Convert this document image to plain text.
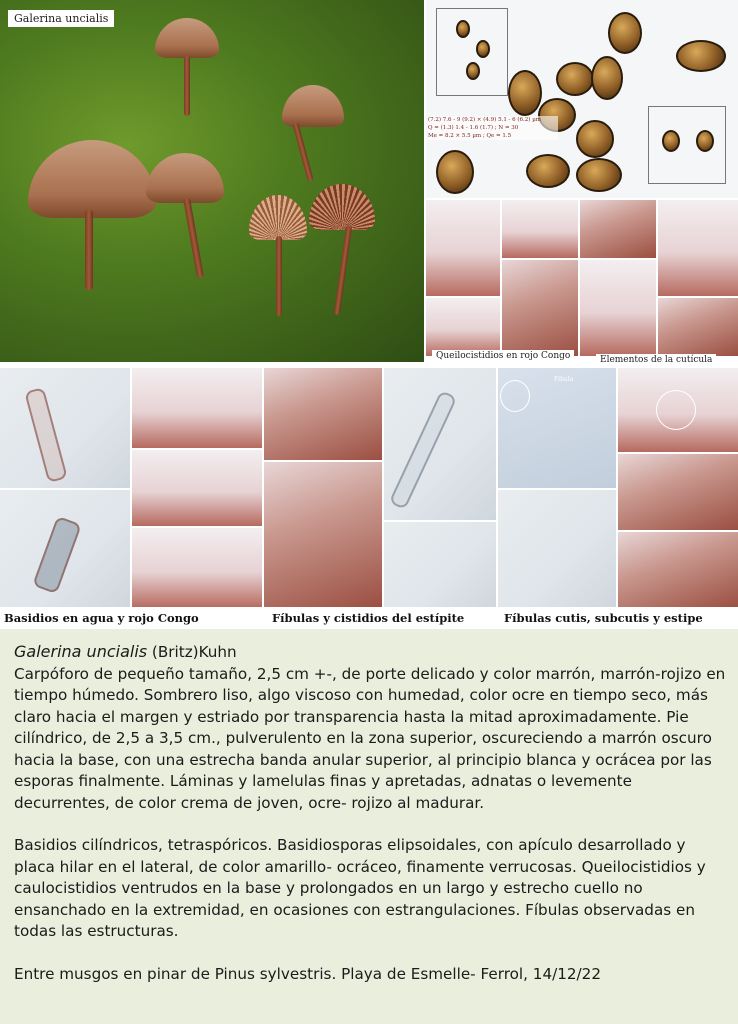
Galerina uncialis
(7.2) 7.6 - 9 (9.2) × (4.9) 5.1 - 6 (6.2) µm
Q = (1.3) 1.4 - 1.6 (1.7) ; N = 30
Me = 8.2 × 5.5 µm ; Qe = 1.5
Queilocistidios en rojo Congo	Elementos de la cutícula
Fíbula
Basidios en agua y rojo Congo	Fíbulas y cistidios del estípite	Fíbulas cutis, subcutis y estipe
Galerina uncialis (Britz)Kuhn

Carpóforo de pequeño tamaño, 2,5 cm +-, de porte delicado y color marrón, marrón-rojizo en tiempo húmedo. Sombrero liso, algo viscoso con humedad, color ocre en tiempo seco, más claro hacia el margen y estriado por transparencia hasta la mitad aproximadamente. Pie cilíndrico, de 2,5 a 3,5 cm., pulverulento en la zona superior, oscureciendo a marrón oscuro hacia la base, con una estrecha banda anular superior, al principio blanca y ocrácea por las esporas finalmente. Láminas y lamelulas finas y apretadas, adnatas o levemente decurrentes, de color crema de joven, ocre- rojizo al madurar.

Basidios cilíndricos, tetraspóricos. Basidiosporas elipsoidales, con apículo desarrollado y placa hilar en el lateral, de color amarillo- ocráceo, finamente verrucosas. Queilocistidios y caulocistidios ventrudos en la base y prolongados en un largo y estrecho cuello no ensanchado en la extremidad, en ocasiones con estrangulaciones. Fíbulas observadas en todas las estructuras.

Entre musgos en pinar de Pinus sylvestris. Playa de Esmelle- Ferrol, 14/12/22
